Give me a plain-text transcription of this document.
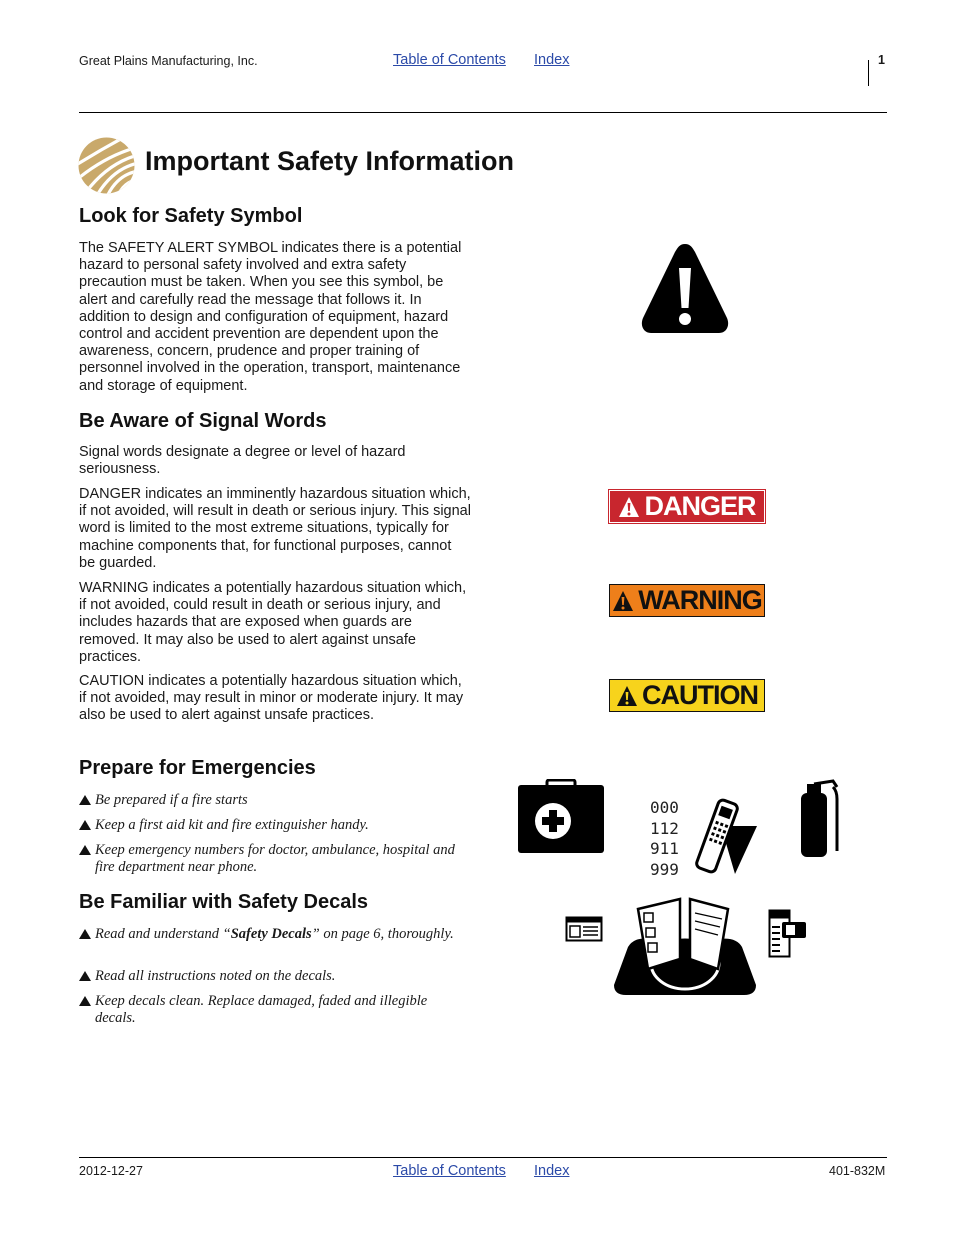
Great Plains Manufacturing, Inc.	Table of Contents Index	1
Important Safety Information
Look for Safety Symbol
The SAFETY ALERT SYMBOL indicates there is a potential hazard to personal safety involved and extra safety precaution must be taken. When you see this symbol, be alert and carefully read the message that follows it. In addition to design and configuration of equipment, hazard control and accident prevention are dependent upon the awareness, concern, prudence and proper training of personnel involved in the operation, transport, maintenance and storage of equipment.
Be Aware of Signal Words
Signal words designate a degree or level of hazard seriousness.
DANGER indicates an imminently hazardous situation which, if not avoided, will result in death or serious injury. This signal word is limited to the most extreme situations, typically for machine components that, for functional purposes, cannot be guarded.
WARNING indicates a potentially hazardous situation which, if not avoided, could result in death or serious injury, and includes hazards that are exposed when guards are removed. It may also be used to alert against unsafe practices.
CAUTION indicates a potentially hazardous situation which, if not avoided, may result in minor or moderate injury. It may also be used to alert against unsafe practices.
DANGER
WARNING
CAUTION
Prepare for Emergencies
Be prepared if a fire starts
Keep a first aid kit and fire extinguisher handy.
Keep emergency numbers for doctor, ambulance, hospital and fire department near phone.
000
112
911
999
Be Familiar with Safety Decals
Read and understand “Safety Decals” on page 6, thoroughly.
Read all instructions noted on the decals.
Keep decals clean. Replace damaged, faded and illegible decals.
2012-12-27	Table of Contents Index	401-832M
